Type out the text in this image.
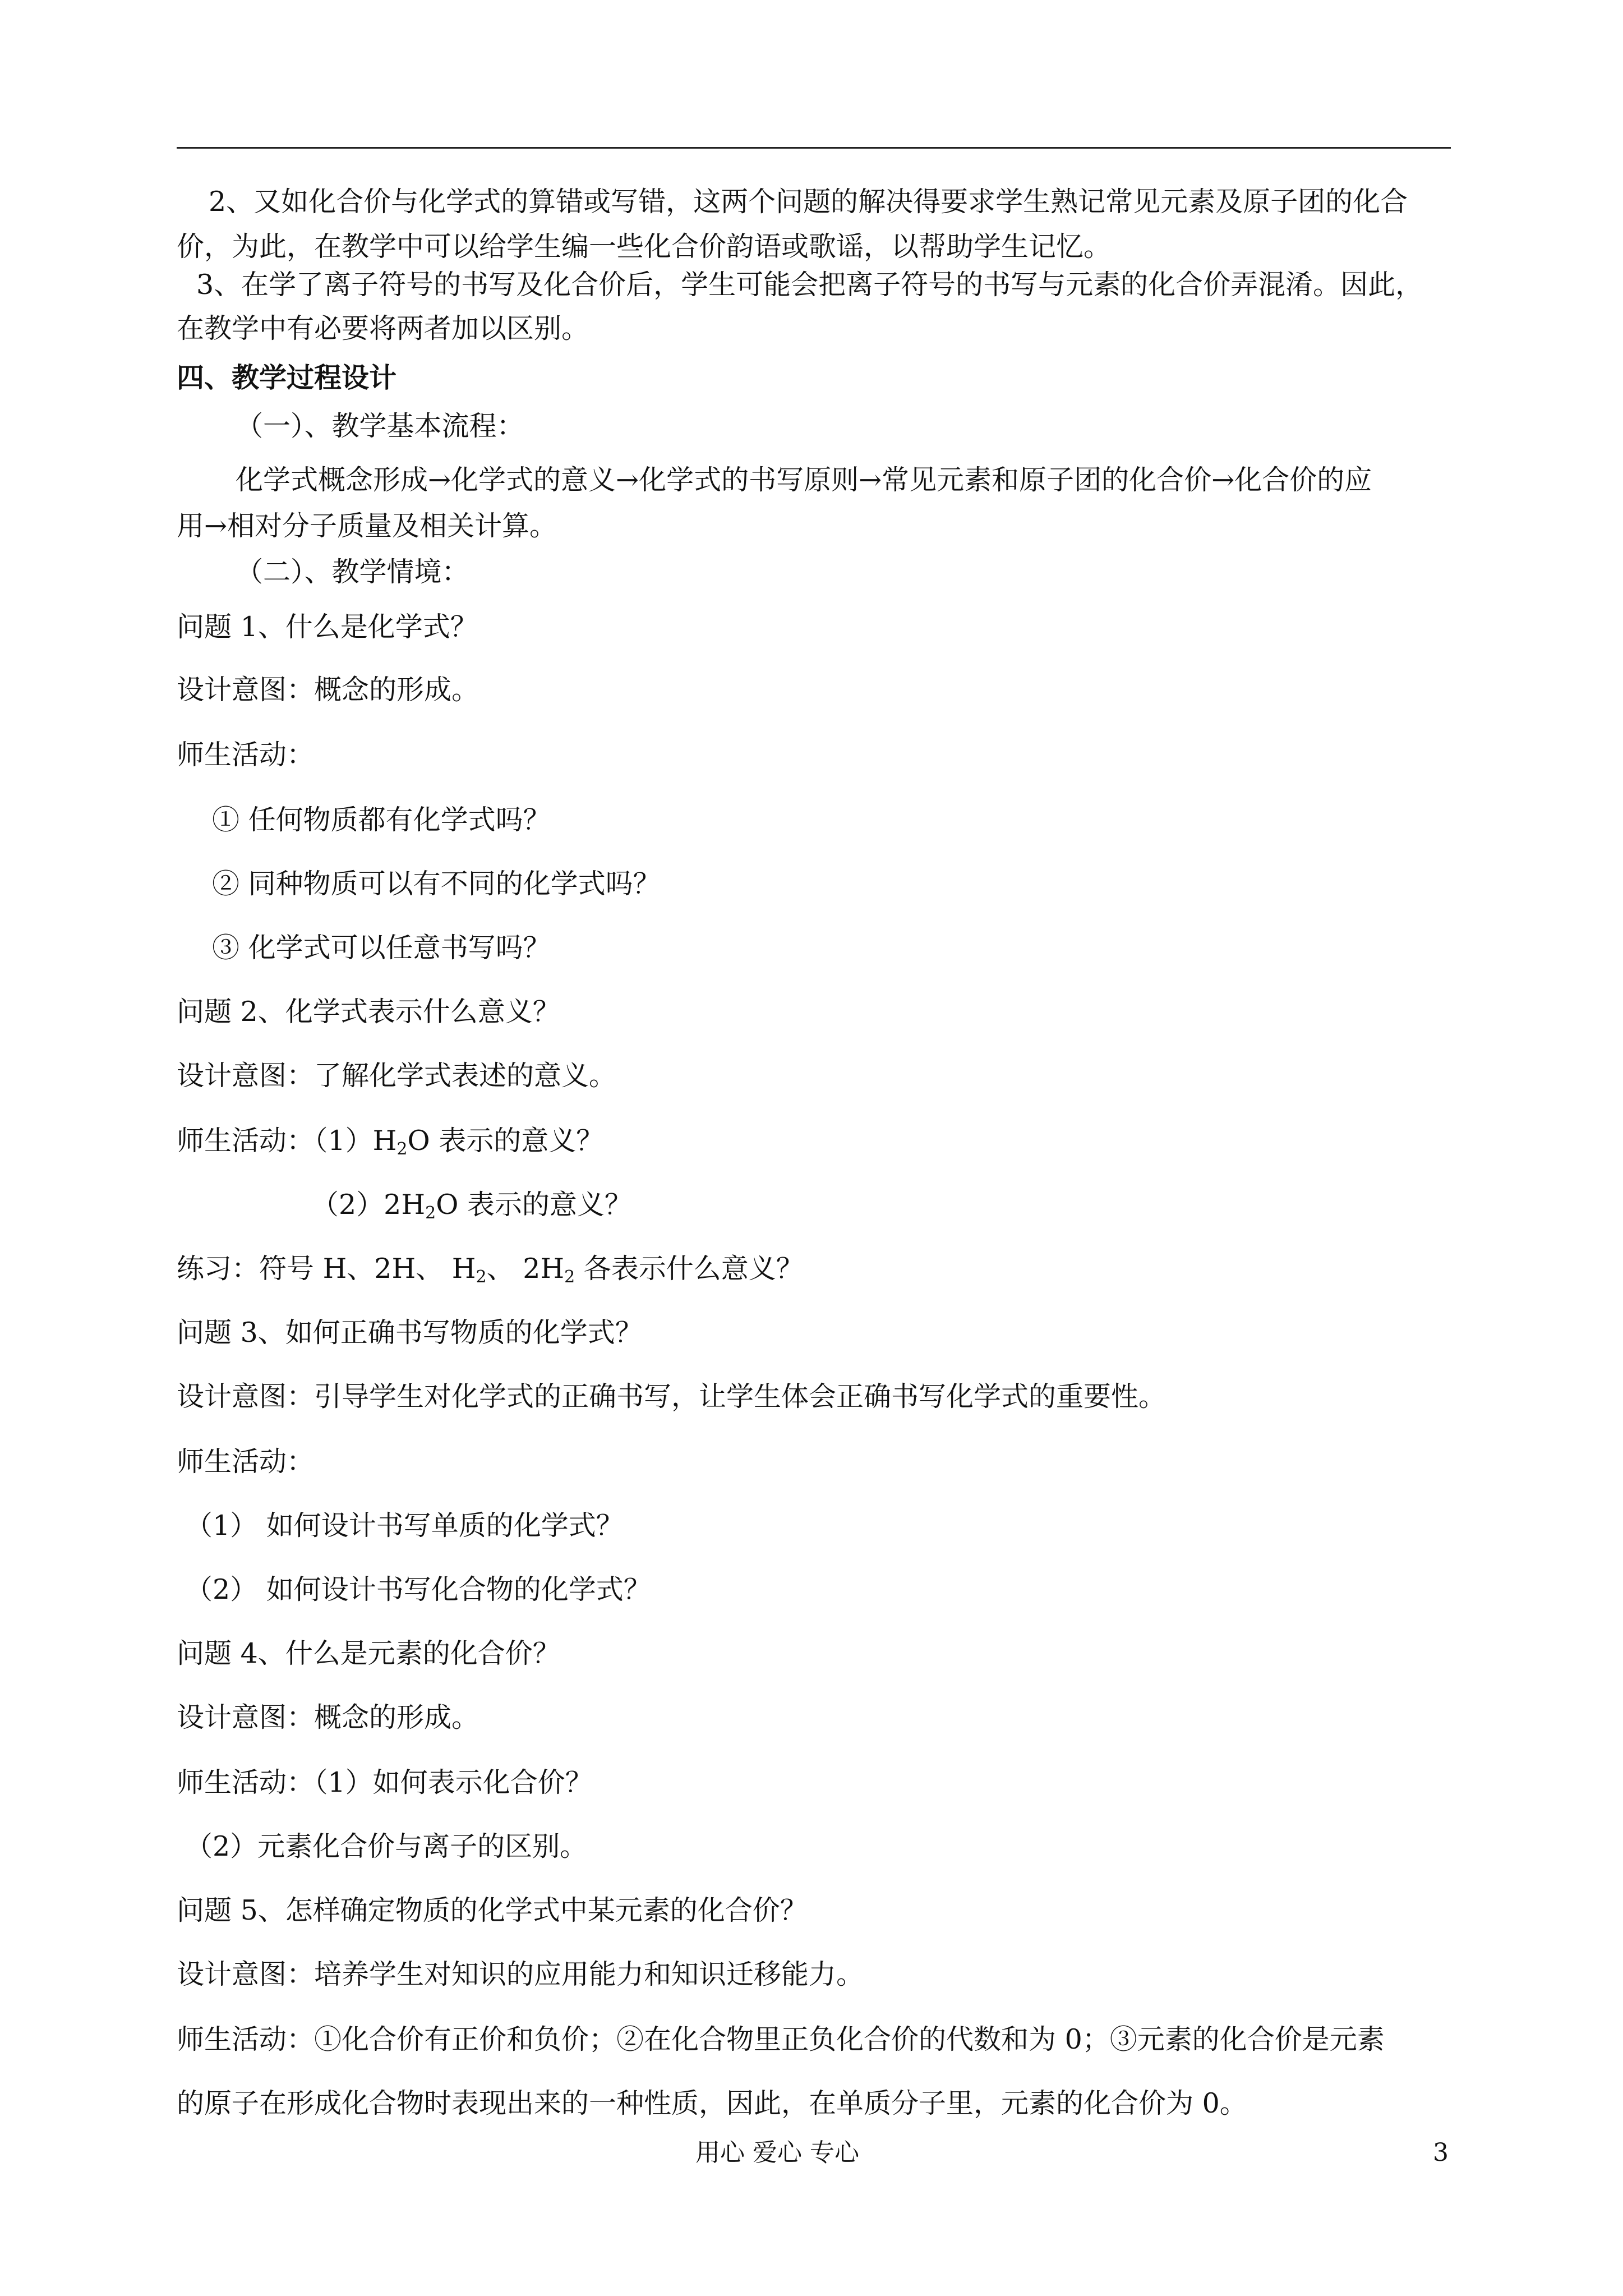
2、又如化合价与化学式的算错或写错，这两个问题的解决得要求学生熟记常见元素及原子团的化合
价，为此，在教学中可以给学生编一些化合价韵语或歌谣，以帮助学生记忆。
3、在学了离子符号的书写及化合价后，学生可能会把离子符号的书写与元素的化合价弄混淆。因此，
在教学中有必要将两者加以区别。
四、教学过程设计
（一）、教学基本流程：
化学式概念形成→化学式的意义→化学式的书写原则→常见元素和原子团的化合价→化合价的应
用→相对分子质量及相关计算。
（二）、教学情境：
问题 1、什么是化学式？
设计意图：概念的形成。
师生活动：
① 任何物质都有化学式吗？
② 同种物质可以有不同的化学式吗？
③ 化学式可以任意书写吗？
问题 2、化学式表示什么意义？
设计意图：了解化学式表述的意义。
师生活动：$(1)H_2O$ 表示的意义？
$(2)2H_2O$ 表示的意义？
练习：符号 H、2H、 $H_2$、 $2H_2$ 各表示什么意义？
问题 3、如何正确书写物质的化学式？
设计意图：引导学生对化学式的正确书写，让学生体会正确书写化学式的重要性。
师生活动：
（1） 如何设计书写单质的化学式？
（2） 如何设计书写化合物的化学式？
问题 4、什么是元素的化合价？
设计意图：概念的形成。
师生活动：（1）如何表示化合价？
（2）元素化合价与离子的区别。
问题 5、怎样确定物质的化学式中某元素的化合价？
设计意图：培养学生对知识的应用能力和知识迁移能力。
师生活动：①化合价有正价和负价；②在化合物里正负化合价的代数和为 0；③元素的化合价是元素
的原子在形成化合物时表现出来的一种性质，因此，在单质分子里，元素的化合价为 0。
用心 爱心 专心	3
